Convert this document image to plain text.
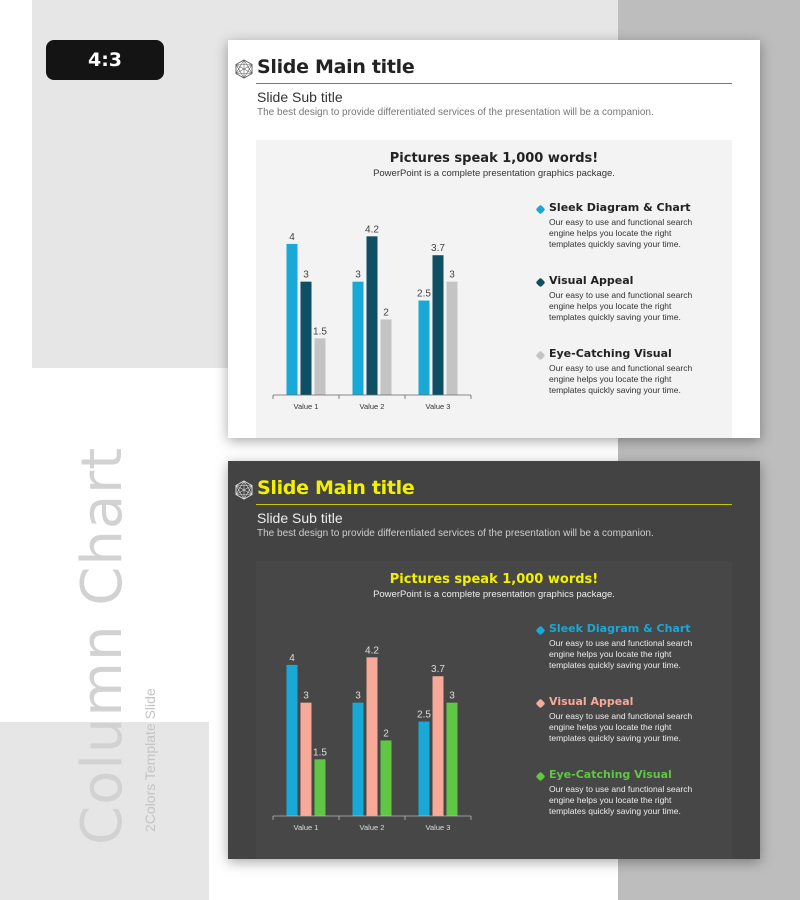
4:3
Column Chart 2Colors Template Slide
Slide Main title
Slide Sub title
The best design to provide differentiated services of the presentation will be a companion.
Pictures speak 1,000 words!
PowerPoint is a complete presentation graphics package.
4
3
1.5
Value 1
3
4.2
2
Value 2
2.5
3.7
3
Value 3
Sleek Diagram & Chart
Our easy to use and functional search engine helps you locate the right templates quickly saving your time.
Visual Appeal
Our easy to use and functional search engine helps you locate the right templates quickly saving your time.
Eye-Catching Visual
Our easy to use and functional search engine helps you locate the right templates quickly saving your time.
Slide Main title
Slide Sub title
The best design to provide differentiated services of the presentation will be a companion.
Pictures speak 1,000 words!
PowerPoint is a complete presentation graphics package.
4
3
1.5
Value 1
3
4.2
2
Value 2
2.5
3.7
3
Value 3
Sleek Diagram & Chart
Our easy to use and functional search engine helps you locate the right templates quickly saving your time.
Visual Appeal
Our easy to use and functional search engine helps you locate the right templates quickly saving your time.
Eye-Catching Visual
Our easy to use and functional search engine helps you locate the right templates quickly saving your time.
